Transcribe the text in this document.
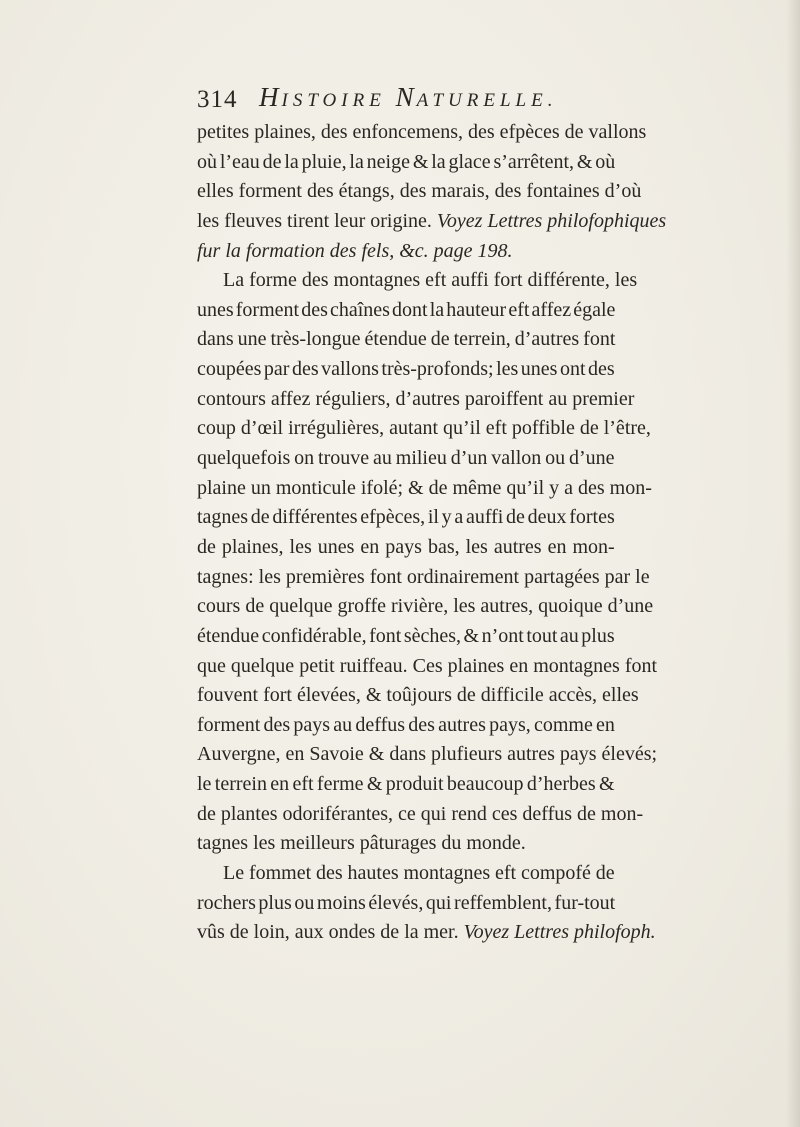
314 HISTOIRE NATURELLE.
petites plaines, des enfoncemens, des efpèces de vallons
où l’eau de la pluie, la neige & la glace s’arrêtent, & où
elles forment des étangs, des marais, des fontaines d’où
les fleuves tirent leur origine. Voyez Lettres philofophiques
fur la formation des fels, &c. page 198.
La forme des montagnes eft auffi fort différente, les
unes forment des chaînes dont la hauteur eft affez égale
dans une très-longue étendue de terrein, d’autres font
coupées par des vallons très-profonds; les unes ont des
contours affez réguliers, d’autres paroiffent au premier
coup d’œil irrégulières, autant qu’il eft poffible de l’être,
quelquefois on trouve au milieu d’un vallon ou d’une
plaine un monticule ifolé; & de même qu’il y a des mon-
tagnes de différentes efpèces, il y a auffi de deux fortes
de plaines, les unes en pays bas, les autres en mon-
tagnes: les premières font ordinairement partagées par le
cours de quelque groffe rivière, les autres, quoique d’une
étendue confidérable, font sèches, & n’ont tout au plus
que quelque petit ruiffeau. Ces plaines en montagnes font
fouvent fort élevées, & toûjours de difficile accès, elles
forment des pays au deffus des autres pays, comme en
Auvergne, en Savoie & dans plufieurs autres pays élevés;
le terrein en eft ferme & produit beaucoup d’herbes &
de plantes odoriférantes, ce qui rend ces deffus de mon-
tagnes les meilleurs pâturages du monde.
Le fommet des hautes montagnes eft compofé de
rochers plus ou moins élevés, qui reffemblent, fur-tout
vûs de loin, aux ondes de la mer. Voyez Lettres philofoph.
